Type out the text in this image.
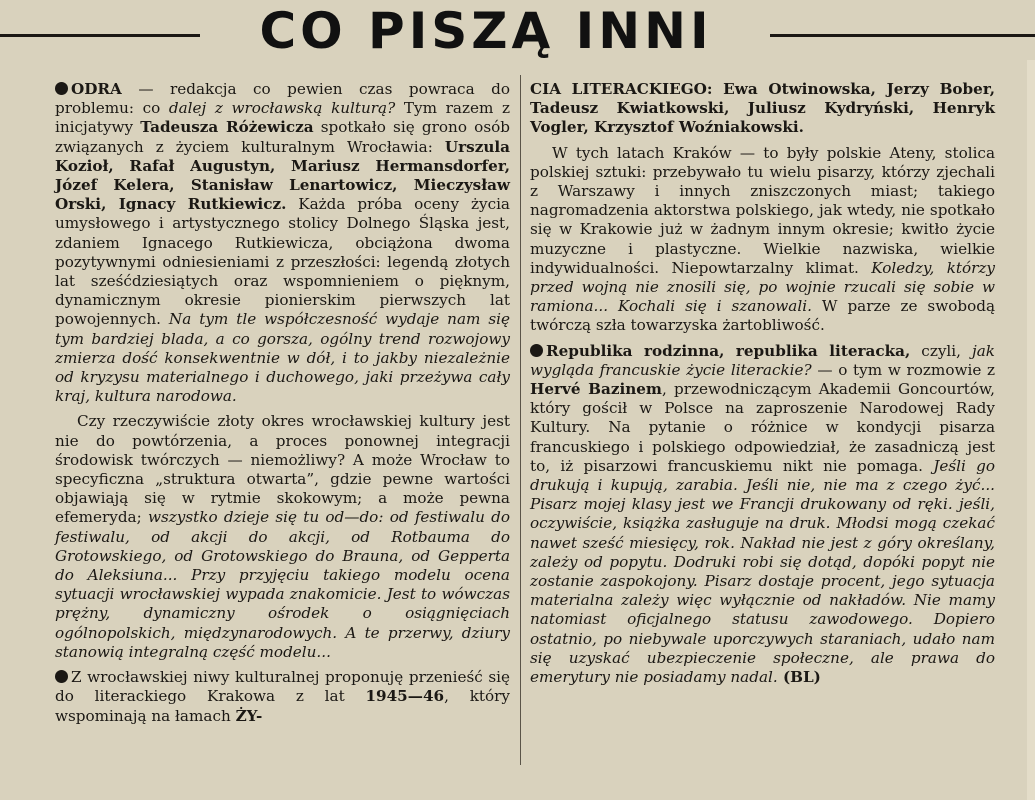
CO PISZĄ INNI

ODRA — redakcja co pewien czas powraca do problemu: co dalej z wrocławską kulturą? Tym razem z inicjatywy Tadeusza Różewicza spotkało się grono osób związanych z życiem kulturalnym Wrocławia: Urszula Kozioł, Rafał Augustyn, Mariusz Hermansdorfer, Józef Kelera, Stanisław Lenartowicz, Mieczysław Orski, Ignacy Rutkiewicz. Każda próba oceny życia umysłowego i artystycznego stolicy Dolnego Śląska jest, zdaniem Ignacego Rutkiewicza, obciążona dwoma pozytywnymi odniesieniami z przeszłości: legendą złotych lat sześćdziesiątych oraz wspomnieniem o pięknym, dynamicznym okresie pionierskim pierwszych lat powojennych. Na tym tle współczesność wydaje nam się tym bardziej blada, a co gorsza, ogólny trend rozwojowy zmierza dość konsekwentnie w dół, i to jakby niezależnie od kryzysu materialnego i duchowego, jaki przeżywa cały kraj, kultura narodowa.

Czy rzeczywiście złoty okres wrocławskiej kultury jest nie do powtórzenia, a proces ponownej integracji środowisk twórczych — niemożliwy? A może Wrocław to specyficzna „struktura otwarta”, gdzie pewne wartości objawiają się w rytmie skokowym; a może pewna efemeryda; wszystko dzieje się tu od—do: od festiwalu do festiwalu, od akcji do akcji, od Rotbauma do Grotowskiego, od Grotowskiego do Brauna, od Gepperta do Aleksiuna... Przy przyjęciu takiego modelu ocena sytuacji wrocławskiej wypada znakomicie. Jest to wówczas prężny, dynamiczny ośrodek o osiągnięciach ogólnopolskich, międzynarodowych. A te przerwy, dziury stanowią integralną część modelu...

Z wrocławskiej niwy kulturalnej proponuję przenieść się do literackiego Krakowa z lat 1945—46, który wspominają na łamach ŻY-

CIA LITERACKIEGO: Ewa Otwinowska, Jerzy Bober, Tadeusz Kwiatkowski, Juliusz Kydryński, Henryk Vogler, Krzysztof Woźniakowski.

W tych latach Kraków — to były polskie Ateny, stolica polskiej sztuki: przebywało tu wielu pisarzy, którzy zjechali z Warszawy i innych zniszczonych miast; takiego nagromadzenia aktorstwa polskiego, jak wtedy, nie spotkało się w Krakowie już w żadnym innym okresie; kwitło życie muzyczne i plastyczne. Wielkie nazwiska, wielkie indywidualności. Niepowtarzalny klimat. Koledzy, którzy przed wojną nie znosili się, po wojnie rzucali się sobie w ramiona... Kochali się i szanowali. W parze ze swobodą twórczą szła towarzyska żartobliwość.

Republika rodzinna, republika literacka, czyli, jak wygląda francuskie życie literackie? — o tym w rozmowie z Hervé Bazinem, przewodniczącym Akademii Goncourtów, który gościł w Polsce na zaproszenie Narodowej Rady Kultury. Na pytanie o różnice w kondycji pisarza francuskiego i polskiego odpowiedział, że zasadniczą jest to, iż pisarzowi francuskiemu nikt nie pomaga. Jeśli go drukują i kupują, zarabia. Jeśli nie, nie ma z czego żyć... Pisarz mojej klasy jest we Francji drukowany od ręki. jeśli, oczywiście, książka zasługuje na druk. Młodsi mogą czekać nawet sześć miesięcy, rok. Nakład nie jest z góry określany, zależy od popytu. Dodruki robi się dotąd, dopóki popyt nie zostanie zaspokojony. Pisarz dostaje procent, jego sytuacja materialna zależy więc wyłącznie od nakładów. Nie mamy natomiast oficjalnego statusu zawodowego. Dopiero ostatnio, po niebywale uporczywych staraniach, udało nam się uzyskać ubezpieczenie społeczne, ale prawa do emerytury nie posiadamy nadal. (BL)
